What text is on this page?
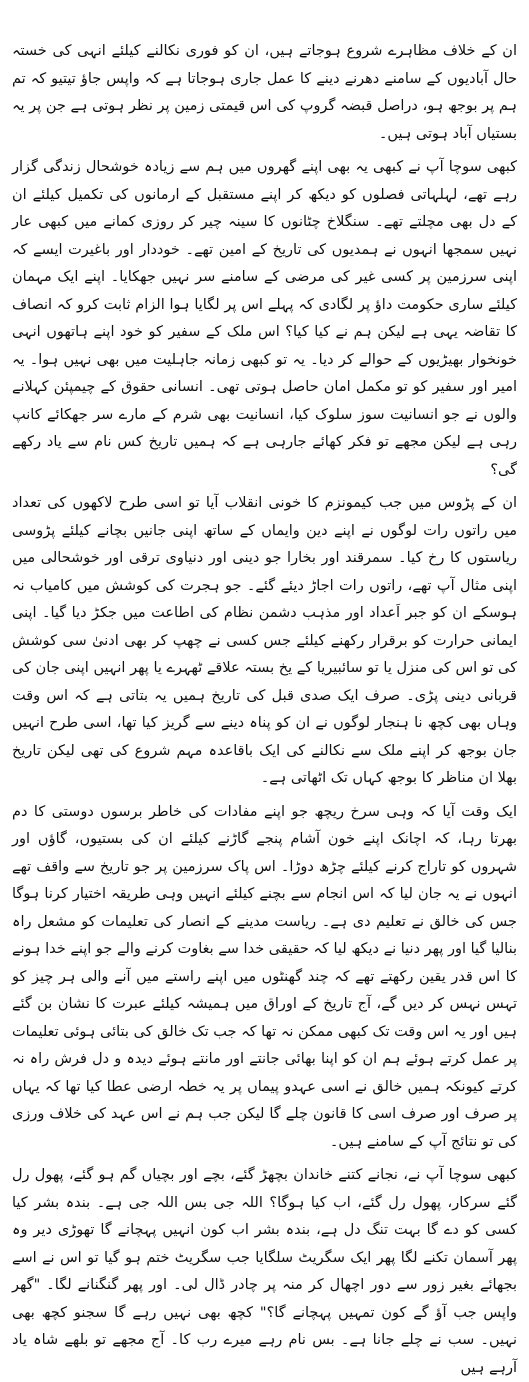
ان کے خلاف مظاہرے شروع ہوجاتے ہیں، ان کو فوری نکالنے کیلئے انہی کی خستہ حال آبادیوں کے سامنے دھرنے دینے کا عمل جاری ہوجاتا ہے کہ واپس جاؤ تیتیو کہ تم ہم پر بوجھ ہو، دراصل قبضہ گروپ کی اس قیمتی زمین پر نظر ہوتی ہے جن پر یہ بستیاں آباد ہوتی ہیں۔

کبھی سوچا آپ نے کبھی یہ بھی اپنے گھروں میں ہم سے زیادہ خوشحال زندگی گزار رہے تھے، لہلہاتی فصلوں کو دیکھ کر اپنے مستقبل کے ارمانوں کی تکمیل کیلئے ان کے دل بھی مچلتے تھے۔ سنگلاخ چٹانوں کا سینہ چیر کر روزی کمانے میں کبھی عار نہیں سمجھا انہوں نے ہمدیوں کی تاریخ کے امین تھے۔ خوددار اور باغیرت ایسے کہ اپنی سرزمین پر کسی غیر کی مرضی کے سامنے سر نہیں جھکایا۔ اپنے ایک مہمان کیلئے ساری حکومت داؤ پر لگادی کہ پہلے اس پر لگایا ہوا الزام ثابت کرو کہ انصاف کا تقاضہ یہی ہے لیکن ہم نے کیا کیا؟ اس ملک کے سفیر کو خود اپنے ہاتھوں انہی خونخوار بھیڑیوں کے حوالے کر دیا۔ یہ تو کبھی زمانہ جاہلیت میں بھی نہیں ہوا۔ یہ امیر اور سفیر کو تو مکمل امان حاصل ہوتی تھی۔ انسانی حقوق کے چیمپئن کہلانے والوں نے جو انسانیت سوز سلوک کیا، انسانیت بھی شرم کے مارے سر جھکائے کانپ رہی ہے لیکن مجھے تو فکر کھائے جارہی ہے کہ ہمیں تاریخ کس نام سے یاد رکھے گی؟

ان کے پڑوس میں جب کیمونزم کا خونی انقلاب آیا تو اسی طرح لاکھوں کی تعداد میں راتوں رات لوگوں نے اپنے دین وایماں کے ساتھ اپنی جانیں بچانے کیلئے پڑوسی ریاستوں کا رخ کیا۔ سمرقند اور بخارا جو دینی اور دنیاوی ترقی اور خوشحالی میں اپنی مثال آپ تھے، راتوں رات اجاڑ دیئے گئے۔ جو ہجرت کی کوشش میں کامیاب نہ ہوسکے ان کو جبر اَعداد اور مذہب دشمن نظام کی اطاعت میں جکڑ دیا گیا۔ اپنی ایمانی حرارت کو برقرار رکھنے کیلئے جس کسی نے چھپ کر بھی ادنیٰ سی کوشش کی تو اس کی منزل یا تو سائبیریا کے یخ بستہ علاقے ٹھہرے یا پھر انہیں اپنی جان کی قربانی دینی پڑی۔ صرف ایک صدی قبل کی تاریخ ہمیں یہ بتاتی ہے کہ اس وقت وہاں بھی کچھ نا ہنجار لوگوں نے ان کو پناہ دینے سے گریز کیا تھا، اسی طرح انہیں جان بوجھ کر اپنے ملک سے نکالنے کی ایک باقاعدہ مہم شروع کی تھی لیکن تاریخ بھلا ان مناظر کا بوجھ کہاں تک اٹھاتی ہے۔

ایک وقت آیا کہ وہی سرخ ریچھ جو اپنے مفادات کی خاطر برسوں دوستی کا دم بھرتا رہا، کہ اچانک اپنے خون آشام پنجے گاڑنے کیلئے ان کی بستیوں، گاؤں اور شہروں کو تاراج کرنے کیلئے چڑھ دوڑا۔ اس پاک سرزمین پر جو تاریخ سے واقف تھے انہوں نے یہ جان لیا کہ اس انجام سے بچنے کیلئے انہیں وہی طریقہ اختیار کرنا ہوگا جس کی خالق نے تعلیم دی ہے۔ ریاست مدینے کے انصار کی تعلیمات کو مشعل راہ بنالیا گیا اور پھر دنیا نے دیکھ لیا کہ حقیقی خدا سے بغاوت کرنے والے جو اپنے خدا ہونے کا اس قدر یقین رکھتے تھے کہ چند گھنٹوں میں اپنے راستے میں آنے والی ہر چیز کو تہس نہس کر دیں گے، آج تاریخ کے اوراق میں ہمیشہ کیلئے عبرت کا نشان بن گئے ہیں اور یہ اس وقت تک کبھی ممکن نہ تھا کہ جب تک خالق کی بتائی ہوئی تعلیمات پر عمل کرتے ہوئے ہم ان کو اپنا بھائی جانتے اور مانتے ہوئے دیدہ و دل فرش راہ نہ کرتے کیونکہ ہمیں خالق نے اسی عہدو پیماں پر یہ خطہ ارضی عطا کیا تھا کہ یہاں پر صرف اور صرف اسی کا قانون چلے گا لیکن جب ہم نے اس عہد کی خلاف ورزی کی تو نتائج آپ کے سامنے ہیں۔

کبھی سوچا آپ نے، نجانے کتنے خاندان بچھڑ گئے، بچے اور بچیاں گم ہو گئے، پھول رل گئے سرکار، پھول رل گئے، اب کیا ہوگا؟ اللہ جی بس اللہ جی ہے۔ بندہ بشر کیا کسی کو دے گا بہت تنگ دل ہے، بندہ بشر اب کون انہیں پہچانے گا تھوڑی دیر وہ پھر آسمان تکنے لگا پھر ایک سگریٹ سلگایا جب سگریٹ ختم ہو گیا تو اس نے اسے بجھائے بغیر زور سے دور اچھال کر منہ پر چادر ڈال لی۔ اور پھر گنگنانے لگا۔ "گھر واپس جب آؤ گے کون تمہیں پہچانے گا؟" کچھ بھی نہیں رہے گا سجنو کچھ بھی نہیں۔ سب نے چلے جانا ہے۔ بس نام رہے میرے رب کا۔ آج مجھے تو بلھے شاہ یاد آرہے ہیں
